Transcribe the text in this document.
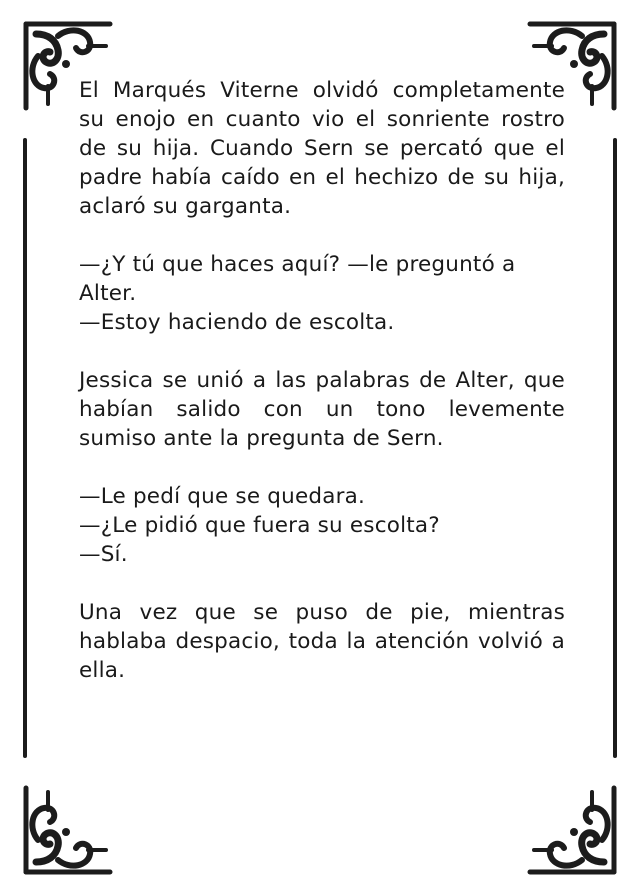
El Marqués Viterne olvidó completamente su enojo en cuanto vio el sonriente rostro de su hija. Cuando Sern se percató que el padre había caído en el hechizo de su hija, aclaró su garganta.

—¿Y tú que haces aquí? —le preguntó a Alter.

—Estoy haciendo de escolta.

Jessica se unió a las palabras de Alter, que habían salido con un tono levemente sumiso ante la pregunta de Sern.

—Le pedí que se quedara.

—¿Le pidió que fuera su escolta?

—Sí.

Una vez que se puso de pie, mientras hablaba despacio, toda la atención volvió a ella.
